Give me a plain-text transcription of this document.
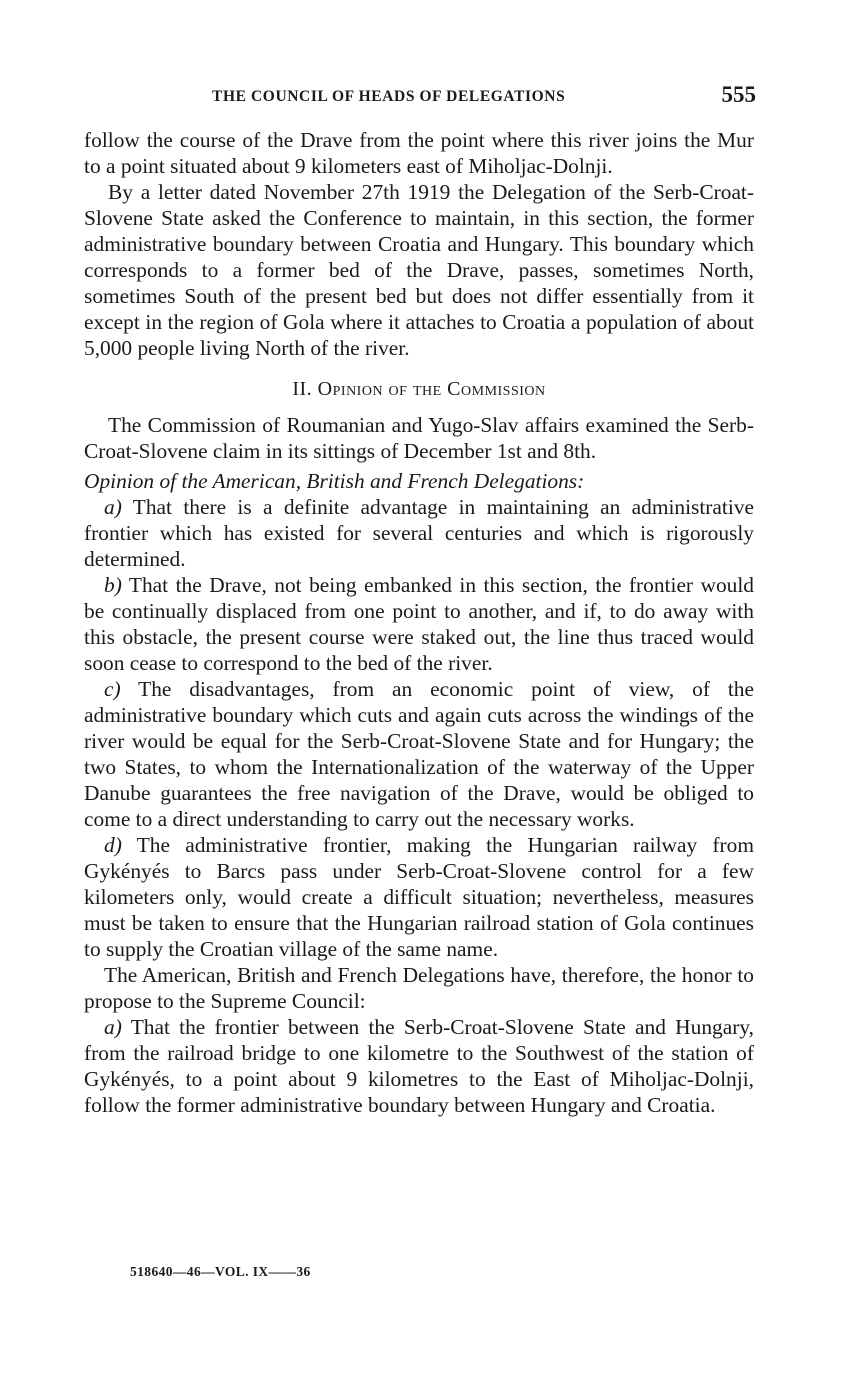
THE COUNCIL OF HEADS OF DELEGATIONS	555

follow the course of the Drave from the point where this river joins the Mur to a point situated about 9 kilometers east of Miholjac-Dolnji.

By a letter dated November 27th 1919 the Delegation of the Serb-Croat-Slovene State asked the Conference to maintain, in this section, the former administrative boundary between Croatia and Hungary. This boundary which corresponds to a former bed of the Drave, passes, sometimes North, sometimes South of the present bed but does not differ essentially from it except in the region of Gola where it attaches to Croatia a population of about 5,000 people living North of the river.

II. Opinion of the Commission

The Commission of Roumanian and Yugo-Slav affairs examined the Serb-Croat-Slovene claim in its sittings of December 1st and 8th.

Opinion of the American, British and French Delegations:

a) That there is a definite advantage in maintaining an administrative frontier which has existed for several centuries and which is rigorously determined.

b) That the Drave, not being embanked in this section, the frontier would be continually displaced from one point to another, and if, to do away with this obstacle, the present course were staked out, the line thus traced would soon cease to correspond to the bed of the river.

c) The disadvantages, from an economic point of view, of the administrative boundary which cuts and again cuts across the windings of the river would be equal for the Serb-Croat-Slovene State and for Hungary; the two States, to whom the Internationalization of the waterway of the Upper Danube guarantees the free navigation of the Drave, would be obliged to come to a direct understanding to carry out the necessary works.

d) The administrative frontier, making the Hungarian railway from Gykényés to Barcs pass under Serb-Croat-Slovene control for a few kilometers only, would create a difficult situation; nevertheless, measures must be taken to ensure that the Hungarian railroad station of Gola continues to supply the Croatian village of the same name.

The American, British and French Delegations have, therefore, the honor to propose to the Supreme Council:

a) That the frontier between the Serb-Croat-Slovene State and Hungary, from the railroad bridge to one kilometre to the Southwest of the station of Gykényés, to a point about 9 kilometres to the East of Miholjac-Dolnji, follow the former administrative boundary between Hungary and Croatia.

518640—46—VOL. IX——36
